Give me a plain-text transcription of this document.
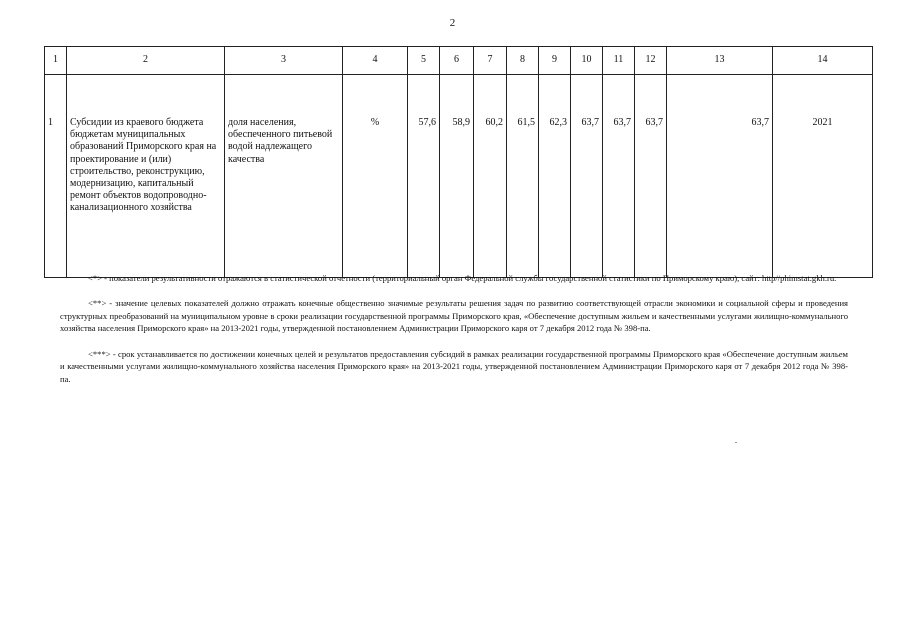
2
1	2	3	4	5	6	7	8	9	10	11	12	13	14
1	Субсидии из краевого бюджета бюджетам муниципальных образований Приморского края на проектирование и (или) строительство, реконструкцию, модернизацию, капитальный ремонт объектов водопроводно-канализационного хозяйства	доля населения, обеспеченного питьевой водой надлежащего качества	%	57,6	58,9	60,2	61,5	62,3	63,7	63,7	63,7	63,7	2021

<*> - показатели результативности отражаются в статистической отчетности (территориальный орган Федеральной службы государственной статистики по Приморскому краю), сайт: http//phimstat.gkh.ru.

<**> - значение целевых показателей должно отражать конечные общественно значимые результаты решения задач по развитию соответствующей отрасли экономики и социальной сферы и проведения структурных преобразований на муниципальном уровне в сроки реализации государственной программы Приморского края, «Обеспечение доступным жильем и качественными услугами жилищно-коммунального хозяйства населения Приморского края» на 2013-2021 годы, утвержденной постановлением Администрации Приморского каря от 7 декабря 2012 года № 398-па.

<***> - срок устанавливается по достижении конечных целей и результатов предоставления субсидий в рамках реализации государственной программы Приморского края «Обеспечение доступным жильем и качественными услугами жилищно-коммунального хозяйства населения Приморского края» на 2013-2021 годы, утвержденной постановлением Администрации Приморского каря от 7 декабря 2012 года № 398-па.
